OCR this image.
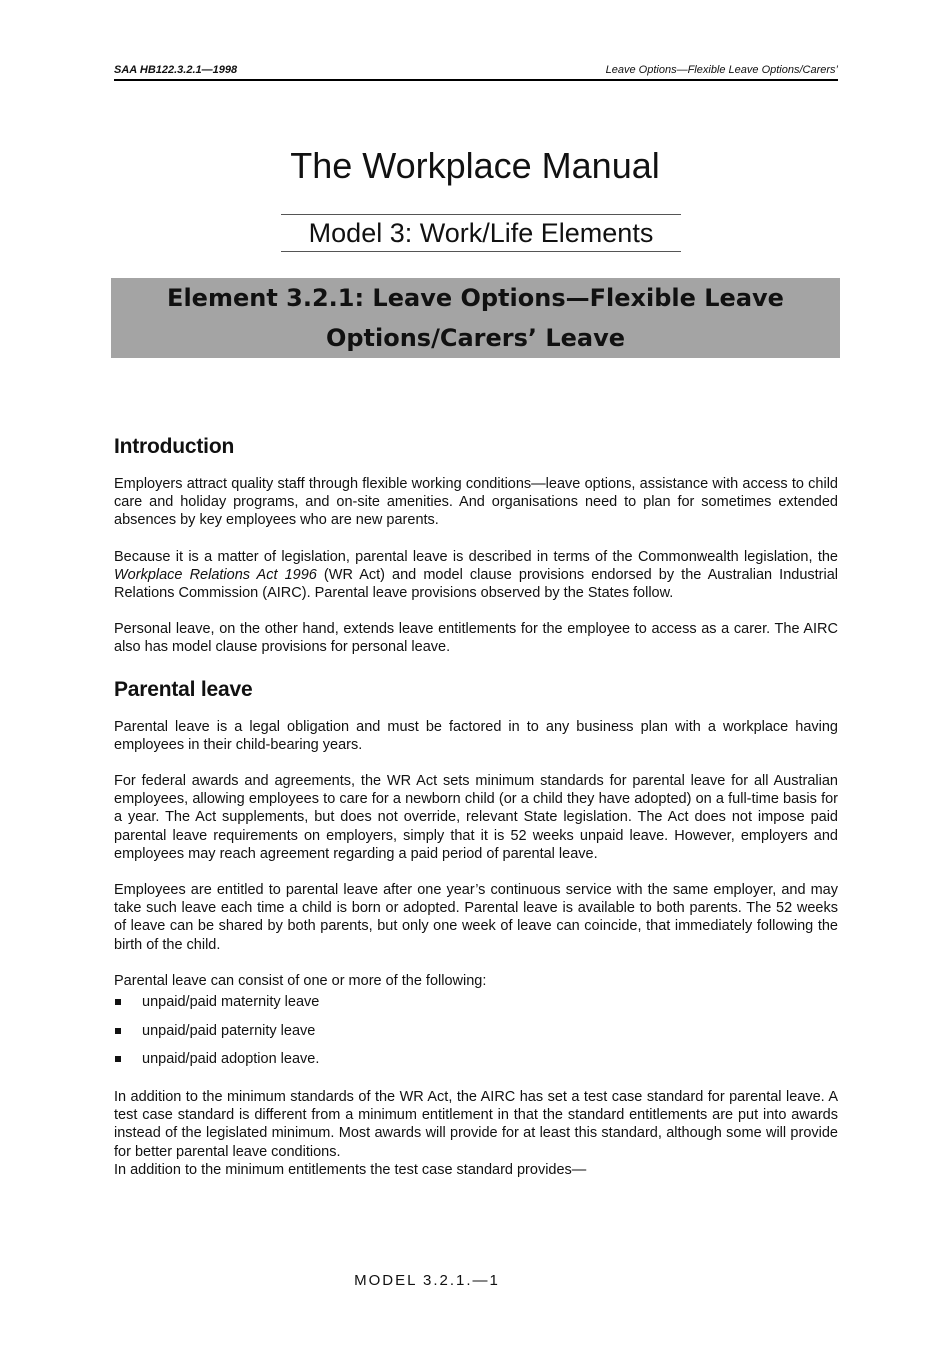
SAA HB122.3.2.1—1998	Leave Options—Flexible Leave Options/Carers’
The Workplace Manual
Model 3: Work/Life Elements
Element 3.2.1: Leave Options—Flexible Leave
Options/Carers’ Leave
Introduction

Employers attract quality staff through flexible working conditions—leave options, assistance with access to child care and holiday programs, and on-site amenities. And organisations need to plan for sometimes extended absences by key employees who are new parents.

Because it is a matter of legislation, parental leave is described in terms of the Commonwealth legislation, the Workplace Relations Act 1996 (WR Act) and model clause provisions endorsed by the Australian Industrial Relations Commission (AIRC). Parental leave provisions observed by the States follow.

Personal leave, on the other hand, extends leave entitlements for the employee to access as a carer. The AIRC also has model clause provisions for personal leave.

Parental leave

Parental leave is a legal obligation and must be factored in to any business plan with a workplace having employees in their child-bearing years.

For federal awards and agreements, the WR Act sets minimum standards for parental leave for all Australian employees, allowing employees to care for a newborn child (or a child they have adopted) on a full-time basis for a year. The Act supplements, but does not override, relevant State legislation. The Act does not impose paid parental leave requirements on employers, simply that it is 52 weeks unpaid leave. However, employers and employees may reach agreement regarding a paid period of parental leave.

Employees are entitled to parental leave after one year’s continuous service with the same employer, and may take such leave each time a child is born or adopted. Parental leave is available to both parents. The 52 weeks of leave can be shared by both parents, but only one week of leave can coincide, that immediately following the birth of the child.

Parental leave can consist of one or more of the following:

unpaid/paid maternity leave
unpaid/paid paternity leave
unpaid/paid adoption leave.

In addition to the minimum standards of the WR Act, the AIRC has set a test case standard for parental leave. A test case standard is different from a minimum entitlement in that the standard entitlements are put into awards instead of the legislated minimum. Most awards will provide for at least this standard, although some will provide for better parental leave conditions.

In addition to the minimum entitlements the test case standard provides—

MODEL 3.2.1.—1
